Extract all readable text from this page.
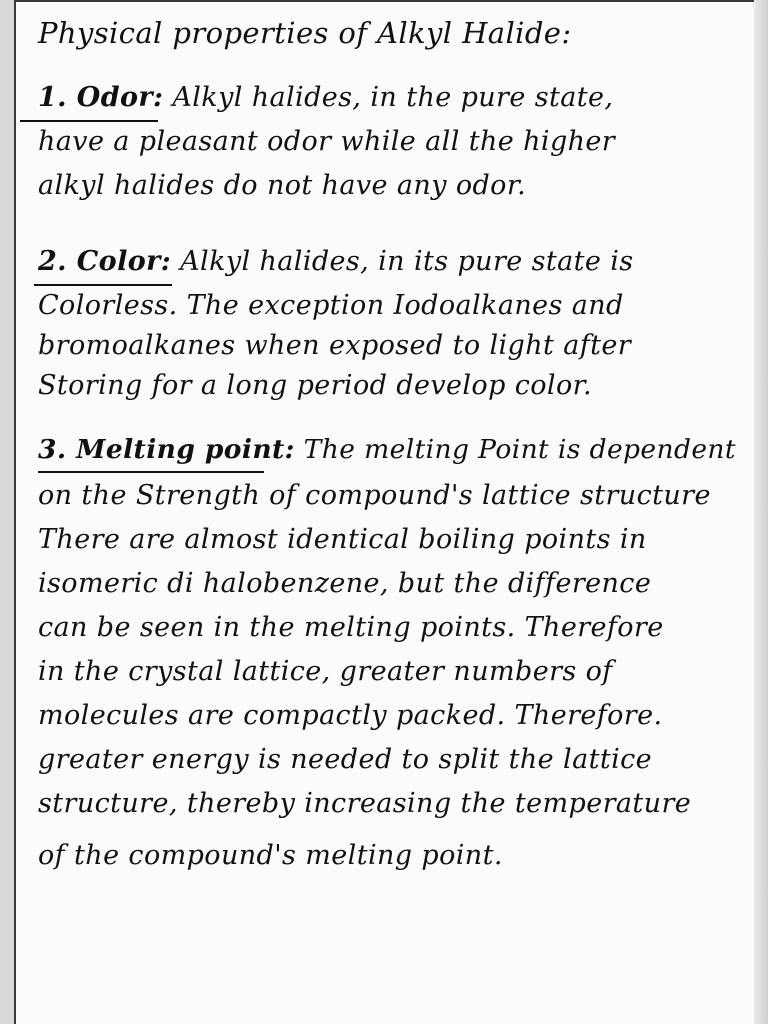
Physical properties of Alkyl Halide:
1. Odor: Alkyl halides, in the pure state,
have a pleasant odor while all the higher
alkyl halides do not have any odor.
2. Color: Alkyl halides, in its pure state is
Colorless. The exception Iodoalkanes and
bromoalkanes when exposed to light after
Storing for a long period develop color.
3. Melting point: The melting Point is dependent
on the Strength of compound's lattice structure
There are almost identical boiling points in
isomeric di halobenzene, but the difference
can be seen in the melting points. Therefore
in the crystal lattice, greater numbers of
molecules are compactly packed. Therefore.
greater energy is needed to split the lattice
structure, thereby increasing the temperature
of the compound's melting point.
